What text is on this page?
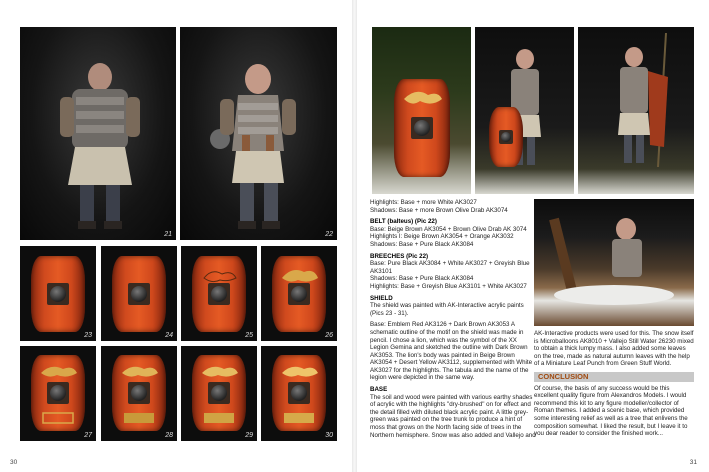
21	22
23	24	25	26
27	28	29	30
30

Highlights: Base + more White AK3027
Shadows: Base + more Brown Olive Drab AK3074

BELT (balteus) (Pic 22)
Base: Beige Brown AK3054 + Brown Olive Drab AK 3074
Highlights I: Beige Brown AK3054 + Orange AK3032
Shadows: Base + Pure Black AK3084

BREECHES (Pic 22)
Base: Pure Black AK3084 + White AK3027 + Greyish Blue AK3101
Shadows: Base + Pure Black AK3084
Highlights: Base + Greyish Blue AK3101 + White AK3027

SHIELD
The shield was painted with AK-Interactive acrylic paints (Pics 23 - 31).

Base: Emblem Red AK3126 + Dark Brown AK3053 A schematic outline of the motif on the shield was made in pencil. I chose a lion, which was the symbol of the XX Legion Gemina and sketched the outline with Dark Brown AK3053. The lion's body was painted in Beige Brown AK3054 + Desert Yellow AK3112, supplemented with White AK3027 for the highlights. The tabula and the name of the legion were depicted in the same way.

BASE
The soil and wood were painted with various earthy shades of acrylic with the highlights "dry-brushed" on for effect and the detail filled with diluted black acrylic paint. A little grey-green was painted on the tree trunk to produce a hint of moss that grows on the North facing side of trees in the Northern hemisphere. Snow was also added and Vallejo and

AK-Interactive products were used for this. The snow itself is Microballoons AK8010 + Vallejo Still Water 26230 mixed to obtain a thick lumpy mass. I also added some leaves on the tree, made as natural autumn leaves with the help of a Miniature Leaf Punch from Green Stuff World.

CONCLUSION

Of course, the basis of any success would be this excellent quality figure from Alexandros Models. I would recommend this kit to any figure modeller/collector of Roman themes. I added a scenic base, which provided some interesting relief as well as a tree that enlivens the composition somewhat. I liked the result, but I leave it to you dear reader to consider the finished work...

31
